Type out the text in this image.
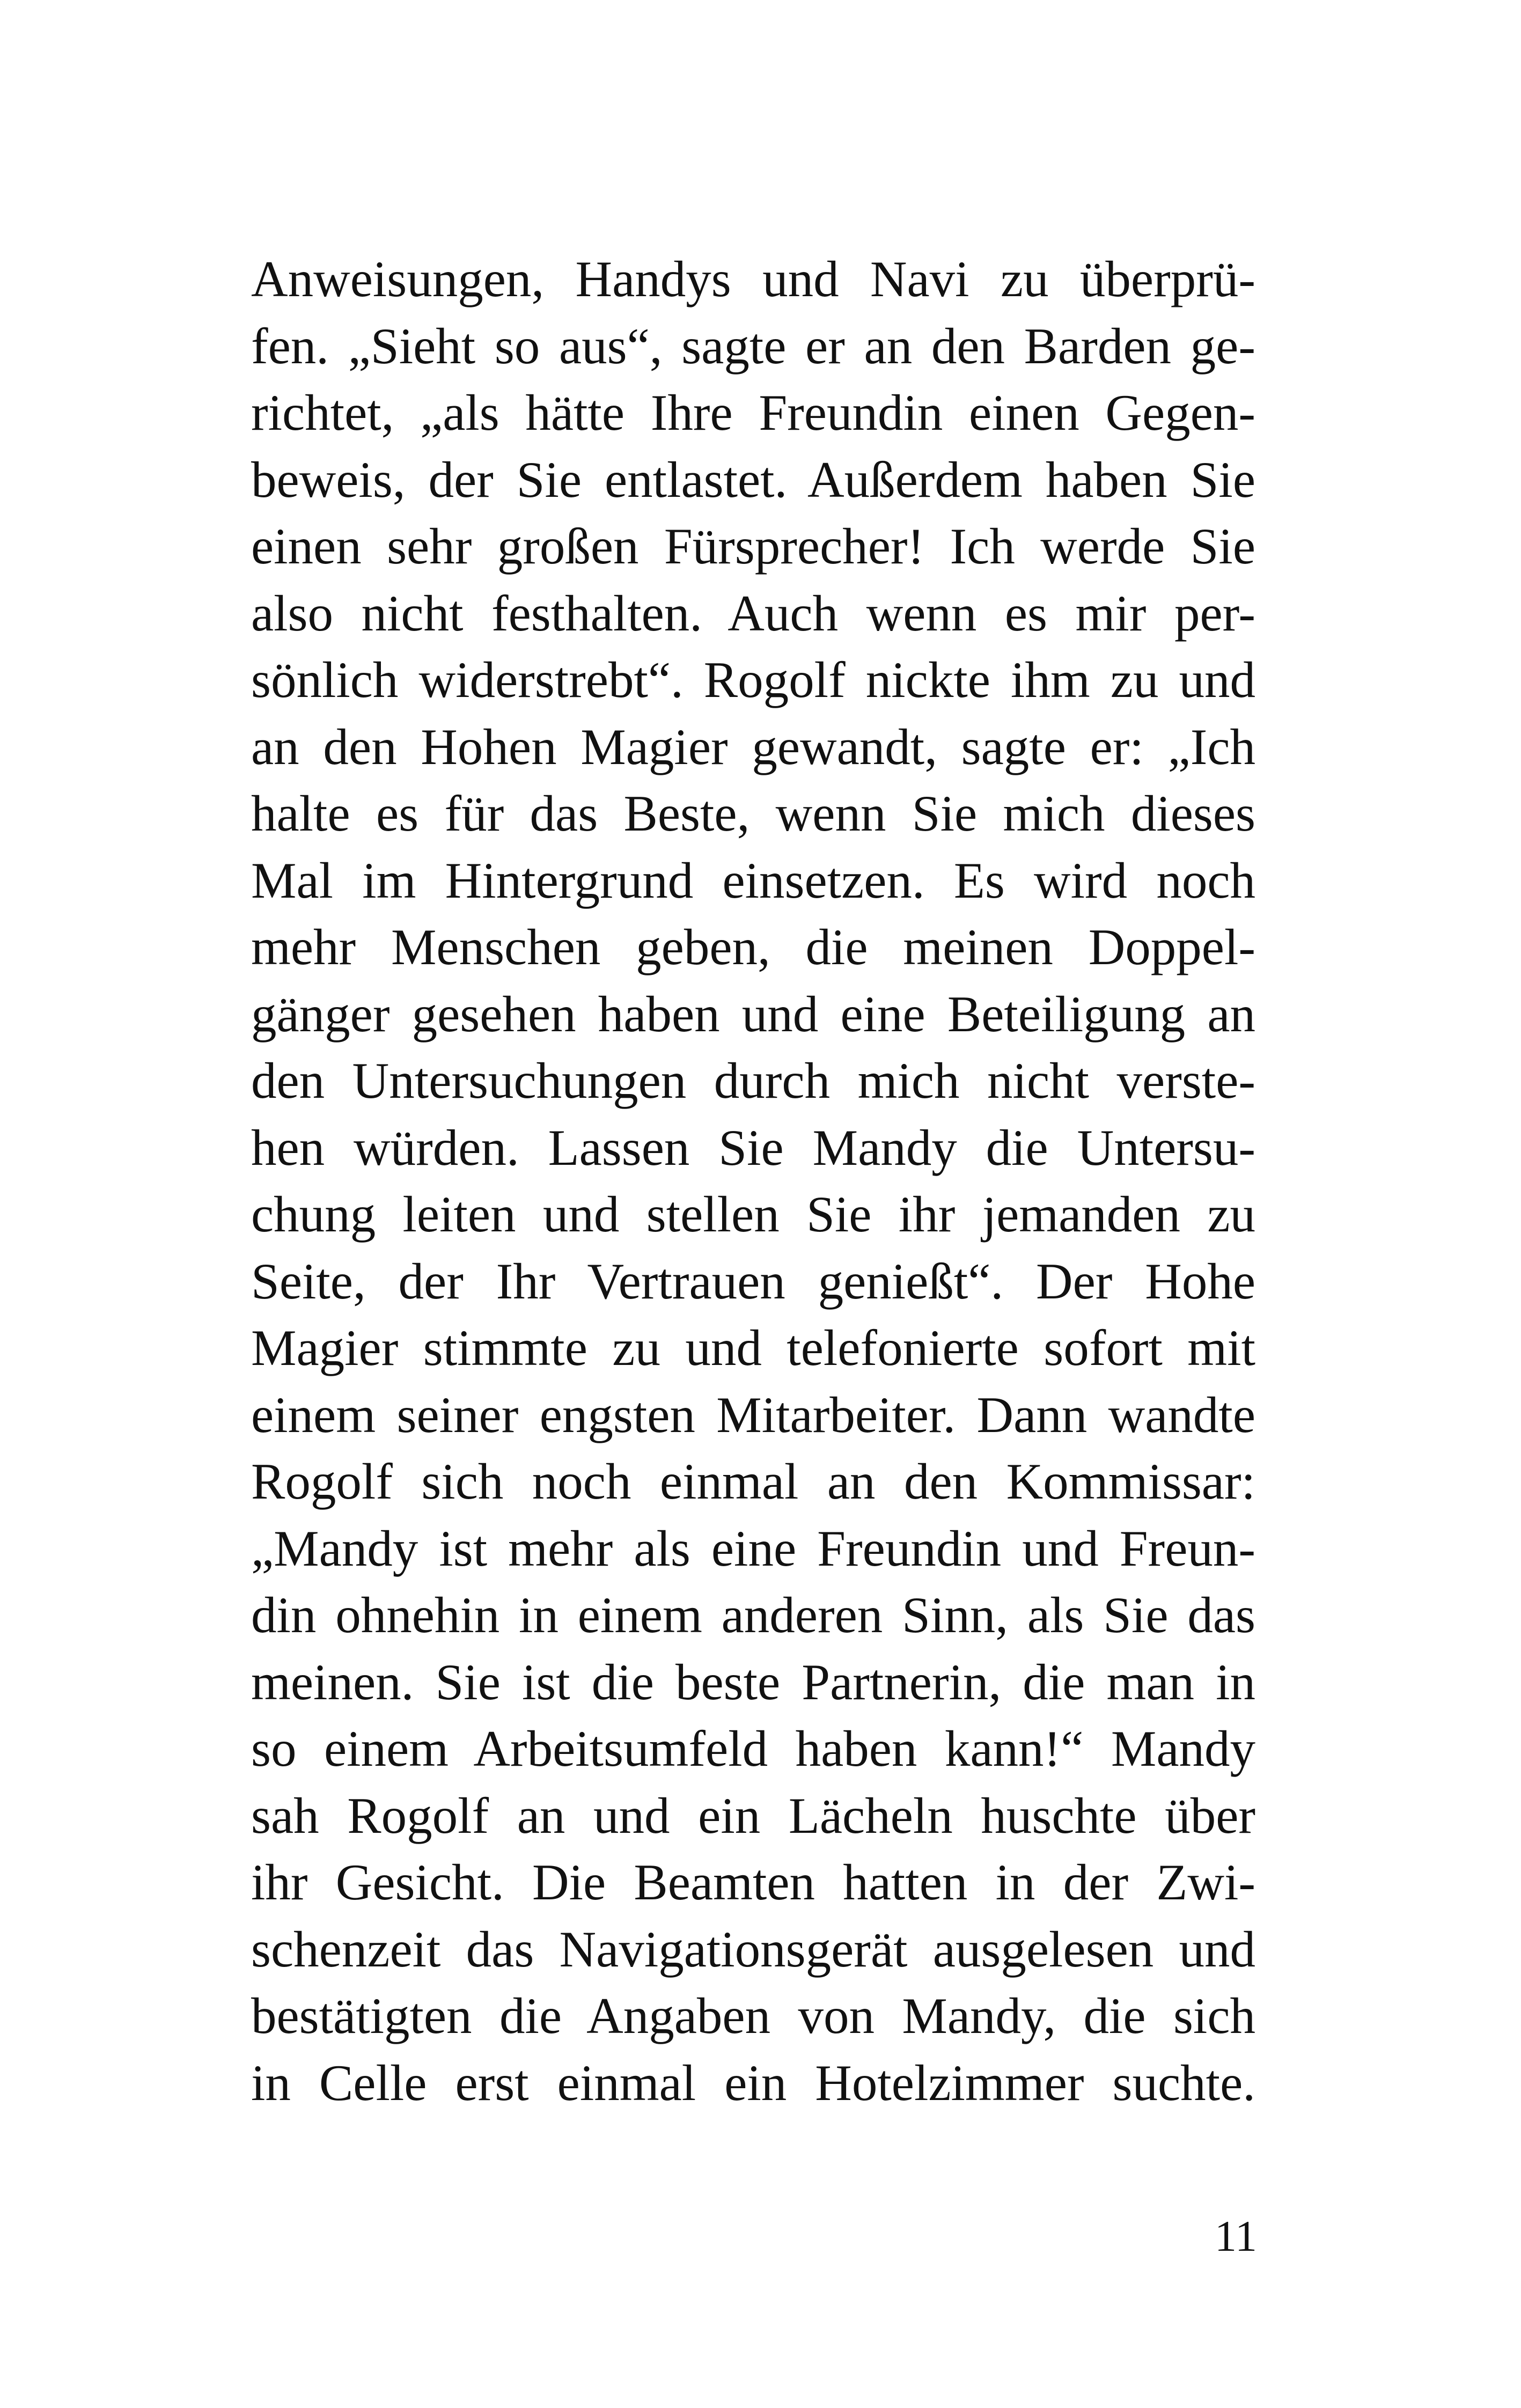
Anweisungen, Handys und Navi zu überprü-
fen. „Sieht so aus“, sagte er an den Barden ge-
richtet, „als hätte Ihre Freundin einen Gegen-
beweis, der Sie entlastet. Außerdem haben Sie
einen sehr großen Fürsprecher! Ich werde Sie
also nicht festhalten. Auch wenn es mir per-
sönlich widerstrebt“. Rogolf nickte ihm zu und
an den Hohen Magier gewandt, sagte er: „Ich
halte es für das Beste, wenn Sie mich dieses
Mal im Hintergrund einsetzen. Es wird noch
mehr Menschen geben, die meinen Doppel-
gänger gesehen haben und eine Beteiligung an
den Untersuchungen durch mich nicht verste-
hen würden. Lassen Sie Mandy die Untersu-
chung leiten und stellen Sie ihr jemanden zu
Seite, der Ihr Vertrauen genießt“. Der Hohe
Magier stimmte zu und telefonierte sofort mit
einem seiner engsten Mitarbeiter. Dann wandte
Rogolf sich noch einmal an den Kommissar:
„Mandy ist mehr als eine Freundin und Freun-
din ohnehin in einem anderen Sinn, als Sie das
meinen. Sie ist die beste Partnerin, die man in
so einem Arbeitsumfeld haben kann!“ Mandy
sah Rogolf an und ein Lächeln huschte über
ihr Gesicht. Die Beamten hatten in der Zwi-
schenzeit das Navigationsgerät ausgelesen und
bestätigten die Angaben von Mandy, die sich
in Celle erst einmal ein Hotelzimmer suchte.
11
